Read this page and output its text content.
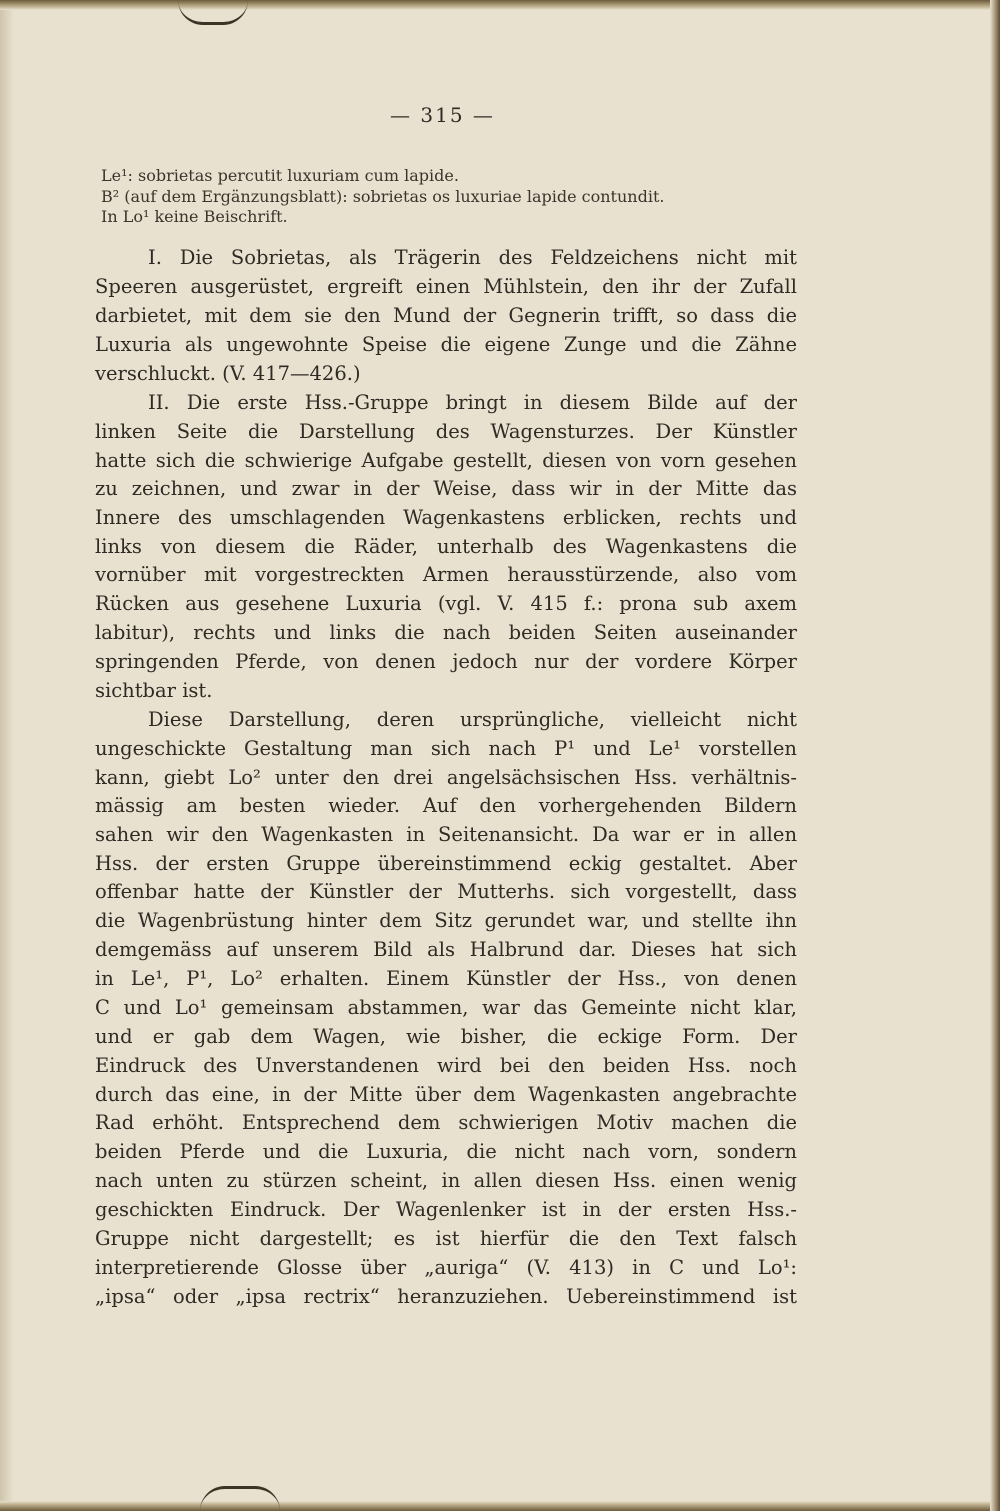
— 315 —
Le¹: sobrietas percutit luxuriam cum lapide.
B² (auf dem Ergänzungsblatt): sobrietas os luxuriae lapide contundit.
In Lo¹ keine Beischrift.
I. Die Sobrietas, als Trägerin des Feldzeichens nicht mit
Speeren ausgerüstet, ergreift einen Mühlstein, den ihr der Zufall
darbietet, mit dem sie den Mund der Gegnerin trifft, so dass die
Luxuria als ungewohnte Speise die eigene Zunge und die Zähne
verschluckt. (V. 417—426.)
II. Die erste Hss.-Gruppe bringt in diesem Bilde auf der
linken Seite die Darstellung des Wagensturzes. Der Künstler
hatte sich die schwierige Aufgabe gestellt, diesen von vorn gesehen
zu zeichnen, und zwar in der Weise, dass wir in der Mitte das
Innere des umschlagenden Wagenkastens erblicken, rechts und
links von diesem die Räder, unterhalb des Wagenkastens die
vornüber mit vorgestreckten Armen herausstürzende, also vom
Rücken aus gesehene Luxuria (vgl. V. 415 f.: prona sub axem
labitur), rechts und links die nach beiden Seiten auseinander
springenden Pferde, von denen jedoch nur der vordere Körper
sichtbar ist.
Diese Darstellung, deren ursprüngliche, vielleicht nicht
ungeschickte Gestaltung man sich nach P¹ und Le¹ vorstellen
kann, giebt Lo² unter den drei angelsächsischen Hss. verhältnis-
mässig am besten wieder. Auf den vorhergehenden Bildern
sahen wir den Wagenkasten in Seitenansicht. Da war er in allen
Hss. der ersten Gruppe übereinstimmend eckig gestaltet. Aber
offenbar hatte der Künstler der Mutterhs. sich vorgestellt, dass
die Wagenbrüstung hinter dem Sitz gerundet war, und stellte ihn
demgemäss auf unserem Bild als Halbrund dar. Dieses hat sich
in Le¹, P¹, Lo² erhalten. Einem Künstler der Hss., von denen
C und Lo¹ gemeinsam abstammen, war das Gemeinte nicht klar,
und er gab dem Wagen, wie bisher, die eckige Form. Der
Eindruck des Unverstandenen wird bei den beiden Hss. noch
durch das eine, in der Mitte über dem Wagenkasten angebrachte
Rad erhöht. Entsprechend dem schwierigen Motiv machen die
beiden Pferde und die Luxuria, die nicht nach vorn, sondern
nach unten zu stürzen scheint, in allen diesen Hss. einen wenig
geschickten Eindruck. Der Wagenlenker ist in der ersten Hss.-
Gruppe nicht dargestellt; es ist hierfür die den Text falsch
interpretierende Glosse über „auriga“ (V. 413) in C und Lo¹:
„ipsa“ oder „ipsa rectrix“ heranzuziehen. Uebereinstimmend ist
